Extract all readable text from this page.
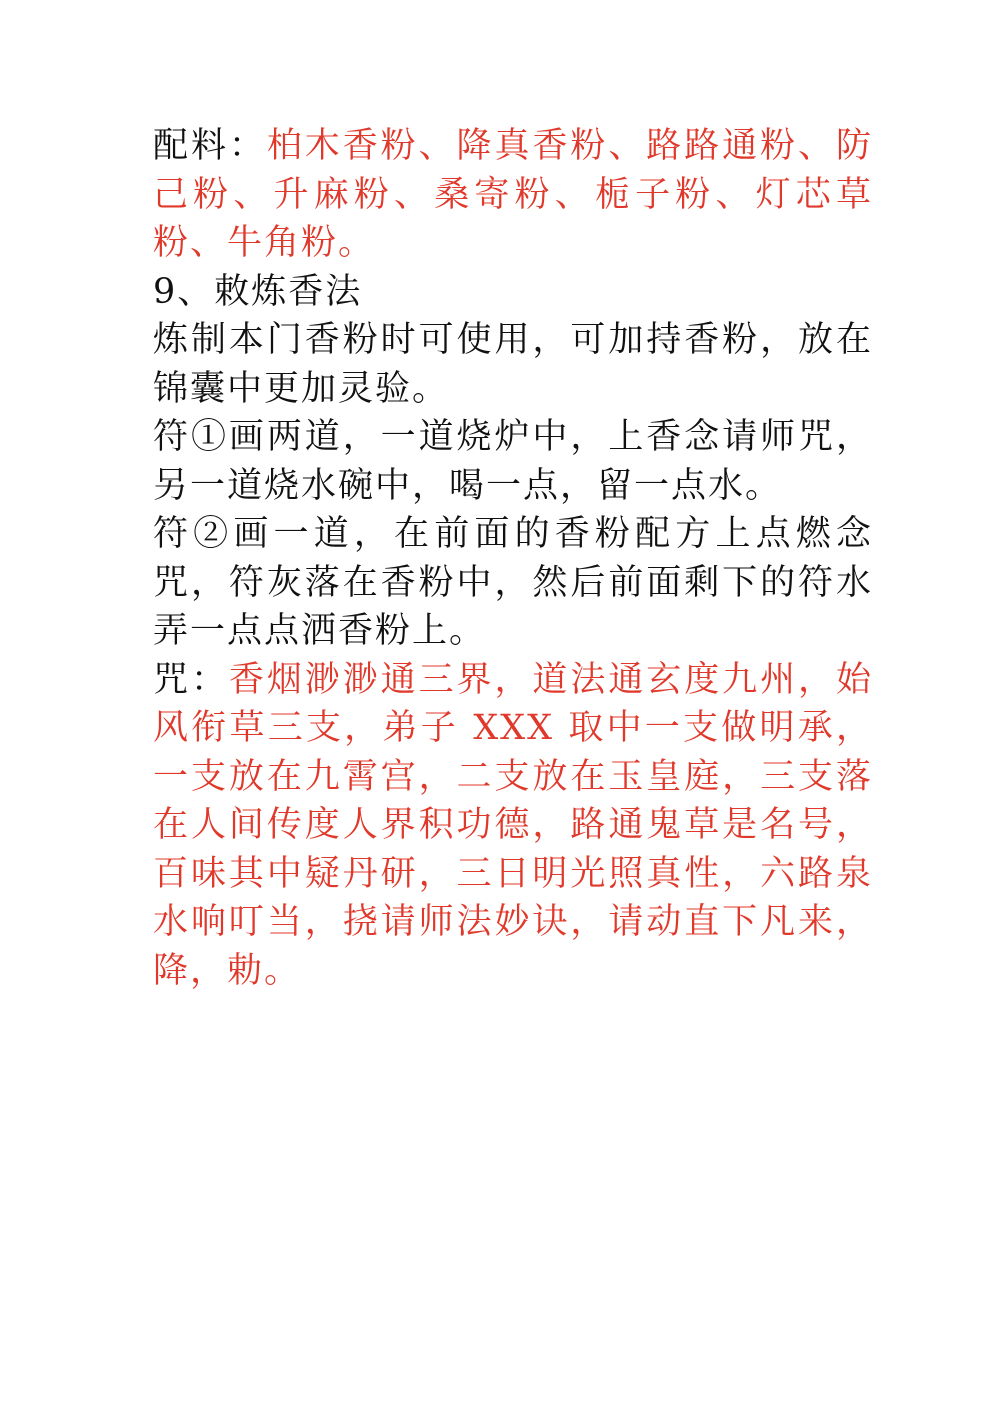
配料：柏木香粉、降真香粉、路路通粉、防己粉、升麻粉、桑寄粉、栀子粉、灯芯草粉、牛角粉。

9、敕炼香法

炼制本门香粉时可使用，可加持香粉，放在锦囊中更加灵验。

符①画两道，一道烧炉中，上香念请师咒，另一道烧水碗中，喝一点，留一点水。

符②画一道，在前面的香粉配方上点燃念咒，符灰落在香粉中，然后前面剩下的符水弄一点点洒香粉上。

咒：香烟渺渺通三界，道法通玄度九州，始风衔草三支，弟子 XXX 取中一支做明承，一支放在九霄宫，二支放在玉皇庭，三支落在人间传度人界积功德，路通鬼草是名号，百味其中疑丹研，三日明光照真性，六路泉水响叮当，挠请师法妙诀，请动直下凡来，降，勅。
